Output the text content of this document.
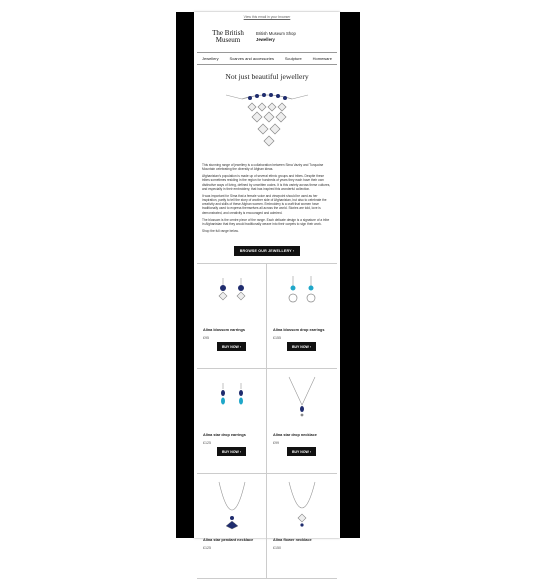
View this email in your browser
The British
Museum
British Museum Shop
Jewellery
Jewellery	Scarves and accessories	Sculpture	Homeware
Not just beautiful jewellery

This stunning range of jewellery is a collaboration between Sima Vaziry and Turquoise Mountain celebrating the diversity of Afghan ideas.

Afghanistan's population is made up of several ethnic groups and tribes. Despite these tribes sometimes residing in the region for hundreds of years they each have their own distinctive ways of living, defined by unwritten codes. It is this variety across these cultures, and especially in their embroidery, that has inspired this wonderful collection.

It was important for Sima that a female voice and viewpoint should be used as her inspiration, partly to tell the story of another side of Afghanistan, but also to celebrate the creativity and skills of these Afghan women. Embroidery is a craft that women have traditionally used to express themselves all across the world. Stories are told, love is demonstrated, and creativity is encouraged and admired.

The blossom is the centre piece of the range. Each delicate design is a signature of a tribe in Afghanistan that they would traditionally weave into their carpets to sign their work.

Shop the full range below.

BROWSE OUR JEWELLERY ›
Alina blossom earrings
£95
BUY NOW ›
Alina blossom drop earrings
£155
BUY NOW ›
Alina star drop earrings
£125
BUY NOW ›
Alina star drop necklace
£99
BUY NOW ›
Alina star pendant necklace
£125
Alina flower necklace
£150
